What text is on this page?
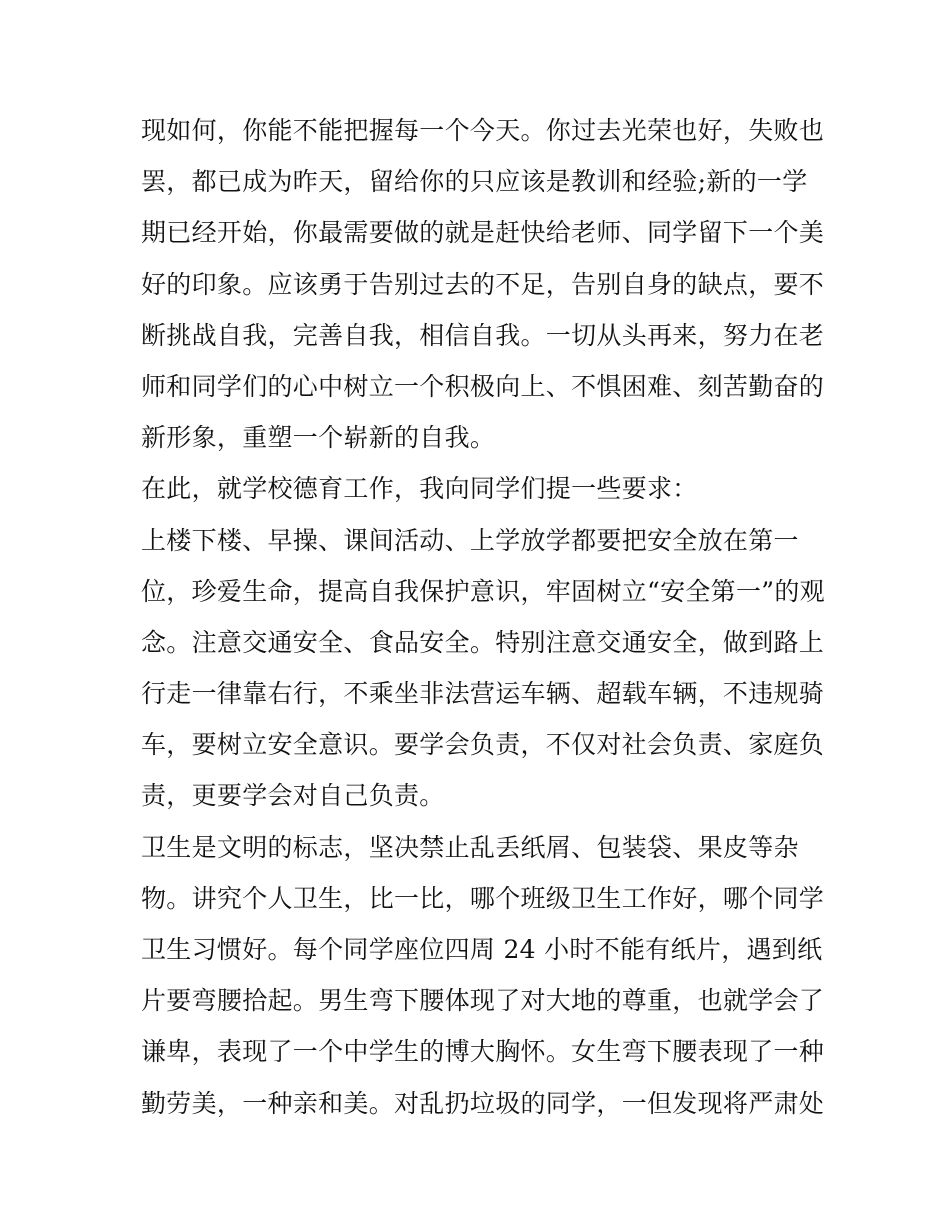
现如何，你能不能把握每一个今天。你过去光荣也好，失败也
罢，都已成为昨天，留给你的只应该是教训和经验;新的一学
期已经开始，你最需要做的就是赶快给老师、同学留下一个美
好的印象。应该勇于告别过去的不足，告别自身的缺点，要不
断挑战自我，完善自我，相信自我。一切从头再来，努力在老
师和同学们的心中树立一个积极向上、不惧困难、刻苦勤奋的
新形象，重塑一个崭新的自我。
在此，就学校德育工作，我向同学们提一些要求：
上楼下楼、早操、课间活动、上学放学都要把安全放在第一
位，珍爱生命，提高自我保护意识，牢固树立“安全第一”的观
念。注意交通安全、食品安全。特别注意交通安全，做到路上
行走一律靠右行，不乘坐非法营运车辆、超载车辆，不违规骑
车，要树立安全意识。要学会负责，不仅对社会负责、家庭负
责，更要学会对自己负责。
卫生是文明的标志，坚决禁止乱丢纸屑、包装袋、果皮等杂
物。讲究个人卫生，比一比，哪个班级卫生工作好，哪个同学
卫生习惯好。每个同学座位四周 24 小时不能有纸片，遇到纸
片要弯腰拾起。男生弯下腰体现了对大地的尊重，也就学会了
谦卑，表现了一个中学生的博大胸怀。女生弯下腰表现了一种
勤劳美，一种亲和美。对乱扔垃圾的同学，一但发现将严肃处
